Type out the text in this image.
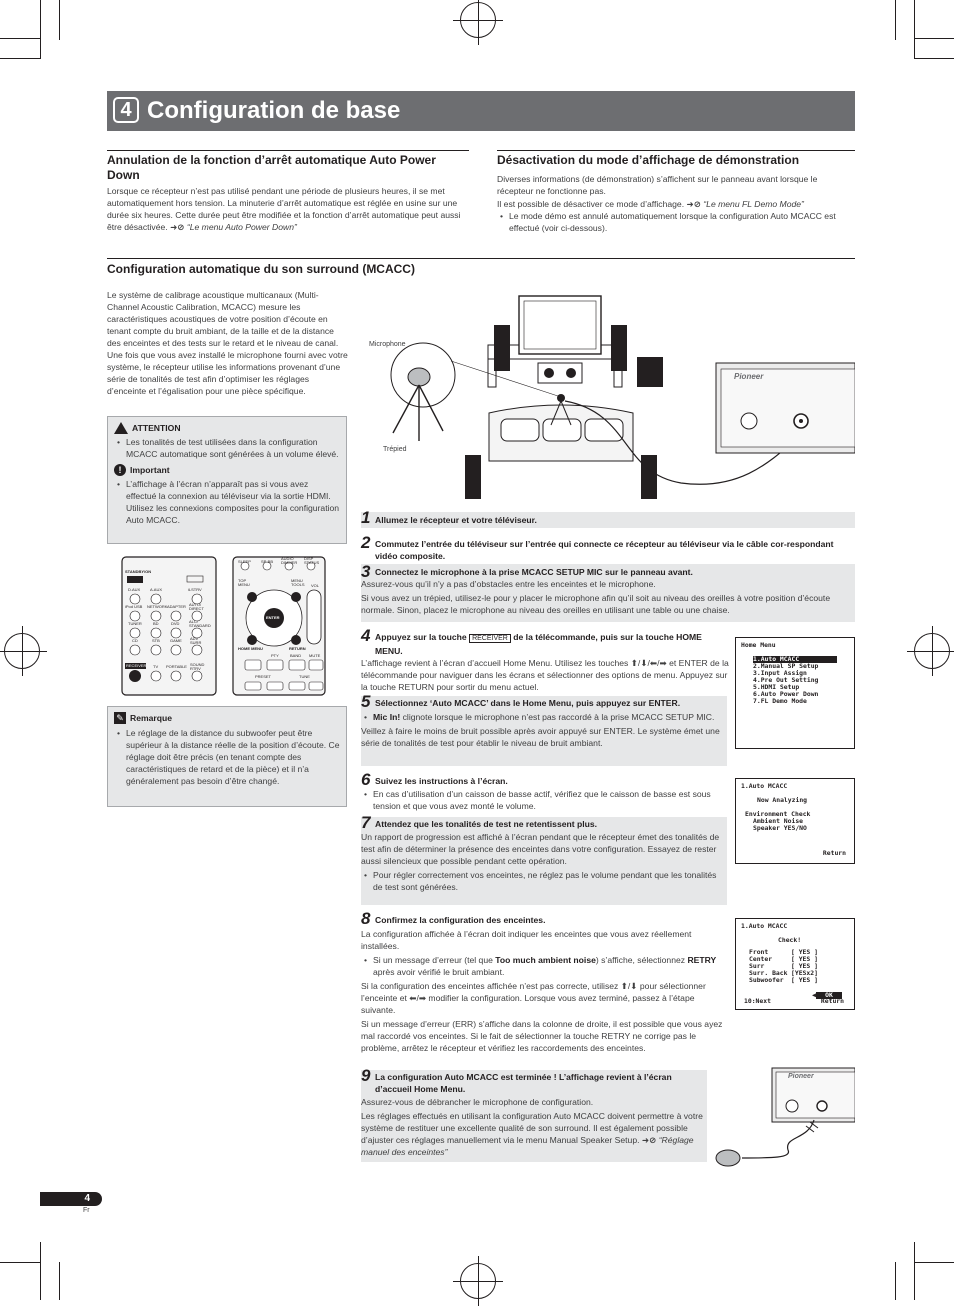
4 Configuration de base
Annulation de la fonction d’arrêt automatique Auto Power Down

Lorsque ce récepteur n’est pas utilisé pendant une période de plusieurs heures, il se met automatiquement hors tension. La minuterie d’arrêt automatique est réglée en usine sur une durée six heures. Cette durée peut être modifiée et la fonction d’arrêt automatique peut aussi être désactivée. ➜⊘ “Le menu Auto Power Down”

Désactivation du mode d’affichage de démonstration

Diverses informations (de démonstration) s’affichent sur le panneau avant lorsque le récepteur ne fonctionne pas.

Il est possible de désactiver ce mode d’affichage. ➜⊘ “Le menu FL Demo Mode”

• Le mode démo est annulé automatiquement lorsque la configuration Auto MCACC est effectué (voir ci-dessous).

Configuration automatique du son surround (MCACC)
Le système de calibrage acoustique multicanaux (Multi-Channel Acoustic Calibration, MCACC) mesure les caractéristiques acoustiques de votre position d’écoute en tenant compte du bruit ambiant, de la taille et de la distance des enceintes et des tests sur le retard et le niveau de canal. Une fois que vous avez installé le microphone fourni avec votre système, le récepteur utilise les informations provenant d’une série de tonalités de test afin d’optimiser les réglages d’enceinte et l’égalisation pour une pièce spécifique.
ATTENTION
• Les tonalités de test utilisées dans la configuration MCACC automatique sont générées à un volume élevé.
! Important
• L’affichage à l’écran n’apparaît pas si vous avez effectué la connexion au téléviseur via la sortie HDMI. Utilisez les connexions composites pour la configuration Auto MCACC.
STANDBY/ON
D.AUX A.AUX	iLSTRV
iPod USB NETWORK ADAPTER AUTO/ DIRECT
TUNER	BD	DVD ALC/ STANDARD
CD	STB	GAME ADV SURR
RECEIVER TV PORTABLE SOUND RTRV
SLEEP	SP-BB
AUDIO DIMMER
DISP STATUS
TOP MENU
MENU TOOLS VOL
ENTER
HOME MENU	RETURN
PTY	BAND MUTE
PRESET	TUNE
✎ Remarque
• Le réglage de la distance du subwoofer peut être supérieur à la distance réelle de la position d’écoute. Ce réglage doit être précis (en tenant compte des caractéristiques de retard et de la pièce) et il n’a généralement pas besoin d’être changé.
Microphone
Trépied
Pioneer
1 Allumez le récepteur et votre téléviseur.
2 Commutez l’entrée du téléviseur sur l’entrée qui connecte ce récepteur au téléviseur via le câble cor-respondant vidéo composite.
3 Connectez le microphone à la prise MCACC SETUP MIC sur le panneau avant.

Assurez-vous qu’il n’y a pas d’obstacles entre les enceintes et le microphone.

Si vous avez un trépied, utilisez-le pour y placer le microphone afin qu’il soit au niveau des oreilles à votre position d’écoute normale. Sinon, placez le microphone au niveau des oreilles en utilisant une table ou une chaise.

4 Appuyez sur la touche RECEIVER de la télécommande, puis sur la touche HOME MENU.
L’affichage revient à l’écran d’accueil Home Menu. Utilisez les touches ⬆/⬇/⬅/➡ et ENTER de la télécommande pour naviguer dans les écrans et sélectionner des options de menu. Appuyez sur la touche RETURN pour sortir du menu actuel.
5 Sélectionnez ‘Auto MCACC’ dans le Home Menu, puis appuyez sur ENTER.

• Mic In! clignote lorsque le microphone n’est pas raccordé à la prise MCACC SETUP MIC.

Veillez à faire le moins de bruit possible après avoir appuyé sur ENTER. Le système émet une série de tonalités de test pour établir le niveau de bruit ambiant.

6 Suivez les instructions à l’écran.
• En cas d’utilisation d’un caisson de basse actif, vérifiez que le caisson de basse est sous tension et que vous avez monté le volume.
7 Attendez que les tonalités de test ne retentissent plus.

Un rapport de progression est affiché à l’écran pendant que le récepteur émet des tonalités de test afin de déterminer la présence des enceintes dans votre configuration. Essayez de rester aussi silencieux que possible pendant cette opération.

• Pour régler correctement vos enceintes, ne réglez pas le volume pendant que les tonalités de test sont générées.

8 Confirmez la configuration des enceintes.

La configuration affichée à l’écran doit indiquer les enceintes que vous avez réellement installées.

• Si un message d’erreur (tel que Too much ambient noise) s’affiche, sélectionnez RETRY après avoir vérifié le bruit ambiant.

Si la configuration des enceintes affichée n’est pas correcte, utilisez ⬆/⬇ pour sélectionner l’enceinte et ⬅/➡ modifier la configuration. Lorsque vous avez terminé, passez à l’étape suivante.

Si un message d’erreur (ERR) s’affiche dans la colonne de droite, il est possible que vous ayez mal raccordé vos enceintes. Si le fait de sélectionner la touche RETRY ne corrige pas le problème, arrêtez le récepteur et vérifiez les raccordements des enceintes.

9 La configuration Auto MCACC est terminée ! L’affichage revient à l’écran d’accueil Home Menu.

Assurez-vous de débrancher le microphone de configuration.

Les réglages effectués en utilisant la configuration Auto MCACC doivent permettre à votre système de restituer une excellente qualité de son surround. Il est également possible d’ajuster ces réglages manuellement via le menu Manual Speaker Setup. ➜⊘ “Réglage manuel des enceintes”

Home Menu
1.Auto MCACC
2.Manual SP Setup
3.Input Assign
4.Pre Out Setting
5.HDMI Setup
6.Auto Power Down
7.FL Demo Mode
1.Auto MCACC
Now Analyzing
Environment Check
Ambient Noise
Speaker YES/NO
Return
1.Auto MCACC
Check!
Front	[ YES ]
Center	[ YES ]
Surr	[ YES ]
Surr. Back [YESx2]
Subwoofer [ YES ]
◀ OK
10:Next	Return
Pioneer
4
Fr
